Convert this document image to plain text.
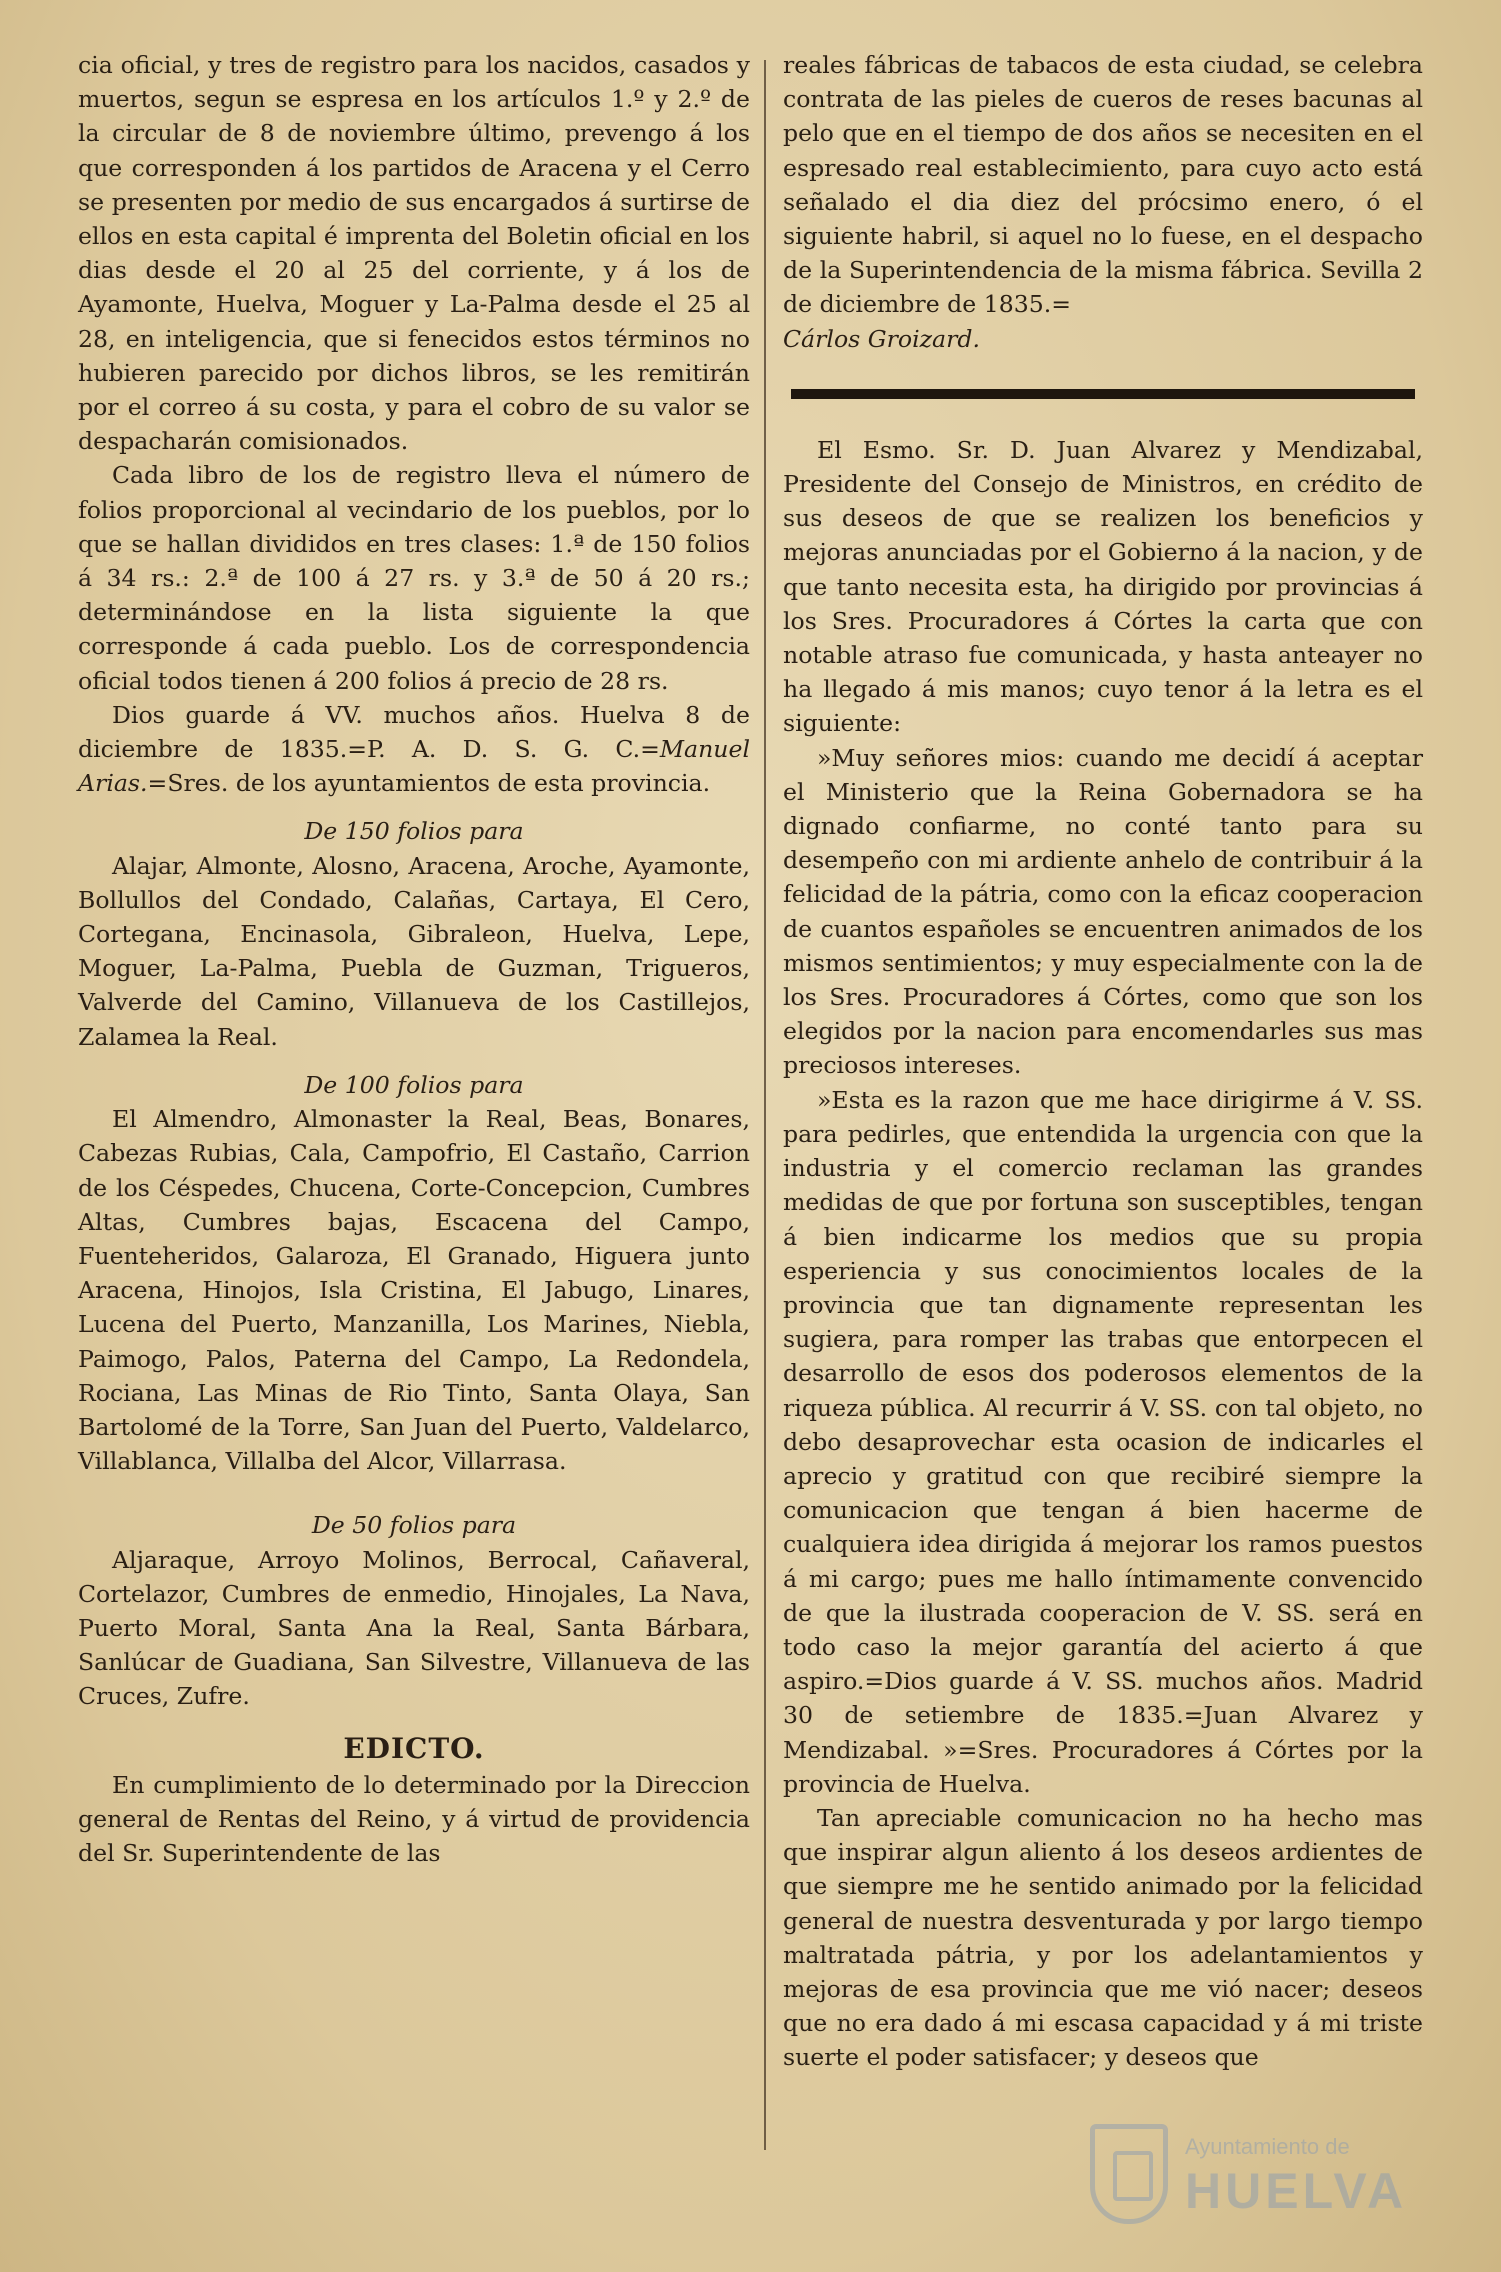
cia oficial, y tres de registro para los nacidos, casados y muertos, segun se espresa en los artículos 1.º y 2.º de la circular de 8 de noviembre último, prevengo á los que corresponden á los partidos de Aracena y el Cerro se presenten por medio de sus encargados á surtirse de ellos en esta capital é imprenta del Boletin oficial en los dias desde el 20 al 25 del corriente, y á los de Ayamonte, Huelva, Moguer y La-Palma desde el 25 al 28, en inteligencia, que si fenecidos estos términos no hubieren parecido por dichos libros, se les remitirán por el correo á su costa, y para el cobro de su valor se despacharán comisionados.

Cada libro de los de registro lleva el número de folios proporcional al vecindario de los pueblos, por lo que se hallan divididos en tres clases: 1.ª de 150 folios á 34 rs.: 2.ª de 100 á 27 rs. y 3.ª de 50 á 20 rs.; determinándose en la lista siguiente la que corresponde á cada pueblo. Los de correspondencia oficial todos tienen á 200 folios á precio de 28 rs.

Dios guarde á VV. muchos años. Huelva 8 de diciembre de 1835.=P. A. D. S. G. C.=Manuel Arias.=Sres. de los ayuntamientos de esta provincia.

De 150 folios para

Alajar, Almonte, Alosno, Aracena, Aroche, Ayamonte, Bollullos del Condado, Calañas, Cartaya, El Cero, Cortegana, Encinasola, Gibraleon, Huelva, Lepe, Moguer, La-Palma, Puebla de Guzman, Trigueros, Valverde del Camino, Villanueva de los Castillejos, Zalamea la Real.

De 100 folios para

El Almendro, Almonaster la Real, Beas, Bonares, Cabezas Rubias, Cala, Campofrio, El Castaño, Carrion de los Céspedes, Chucena, Corte-Concepcion, Cumbres Altas, Cumbres bajas, Escacena del Campo, Fuenteheridos, Galaroza, El Granado, Higuera junto Aracena, Hinojos, Isla Cristina, El Jabugo, Linares, Lucena del Puerto, Manzanilla, Los Marines, Niebla, Paimogo, Palos, Paterna del Campo, La Redondela, Rociana, Las Minas de Rio Tinto, Santa Olaya, San Bartolomé de la Torre, San Juan del Puerto, Valdelarco, Villablanca, Villalba del Alcor, Villarrasa.

De 50 folios para

Aljaraque, Arroyo Molinos, Berrocal, Cañaveral, Cortelazor, Cumbres de enmedio, Hinojales, La Nava, Puerto Moral, Santa Ana la Real, Santa Bárbara, Sanlúcar de Guadiana, San Silvestre, Villanueva de las Cruces, Zufre.

EDICTO.

En cumplimiento de lo determinado por la Direccion general de Rentas del Reino, y á virtud de providencia del Sr. Superintendente de las

reales fábricas de tabacos de esta ciudad, se celebra contrata de las pieles de cueros de reses bacunas al pelo que en el tiempo de dos años se necesiten en el espresado real establecimiento, para cuyo acto está señalado el dia diez del prócsimo enero, ó el siguiente habril, si aquel no lo fuese, en el despacho de la Superintendencia de la misma fábrica. Sevilla 2 de diciembre de 1835.=
Cárlos Groizard.

El Esmo. Sr. D. Juan Alvarez y Mendizabal, Presidente del Consejo de Ministros, en crédito de sus deseos de que se realizen los beneficios y mejoras anunciadas por el Gobierno á la nacion, y de que tanto necesita esta, ha dirigido por provincias á los Sres. Procuradores á Córtes la carta que con notable atraso fue comunicada, y hasta anteayer no ha llegado á mis manos; cuyo tenor á la letra es el siguiente:

»Muy señores mios: cuando me decidí á aceptar el Ministerio que la Reina Gobernadora se ha dignado confiarme, no conté tanto para su desempeño con mi ardiente anhelo de contribuir á la felicidad de la pátria, como con la eficaz cooperacion de cuantos españoles se encuentren animados de los mismos sentimientos; y muy especialmente con la de los Sres. Procuradores á Córtes, como que son los elegidos por la nacion para encomendarles sus mas preciosos intereses.

»Esta es la razon que me hace dirigirme á V. SS. para pedirles, que entendida la urgencia con que la industria y el comercio reclaman las grandes medidas de que por fortuna son susceptibles, tengan á bien indicarme los medios que su propia esperiencia y sus conocimientos locales de la provincia que tan dignamente representan les sugiera, para romper las trabas que entorpecen el desarrollo de esos dos poderosos elementos de la riqueza pública. Al recurrir á V. SS. con tal objeto, no debo desaprovechar esta ocasion de indicarles el aprecio y gratitud con que recibiré siempre la comunicacion que tengan á bien hacerme de cualquiera idea dirigida á mejorar los ramos puestos á mi cargo; pues me hallo íntimamente convencido de que la ilustrada cooperacion de V. SS. será en todo caso la mejor garantía del acierto á que aspiro.=Dios guarde á V. SS. muchos años. Madrid 30 de setiembre de 1835.=Juan Alvarez y Mendizabal. »=Sres. Procuradores á Córtes por la provincia de Huelva.

Tan apreciable comunicacion no ha hecho mas que inspirar algun aliento á los deseos ardientes de que siempre me he sentido animado por la felicidad general de nuestra desventurada y por largo tiempo maltratada pátria, y por los adelantamientos y mejoras de esa provincia que me vió nacer; deseos que no era dado á mi escasa capacidad y á mi triste suerte el poder satisfacer; y deseos que

Ayuntamiento de
HUELVA
